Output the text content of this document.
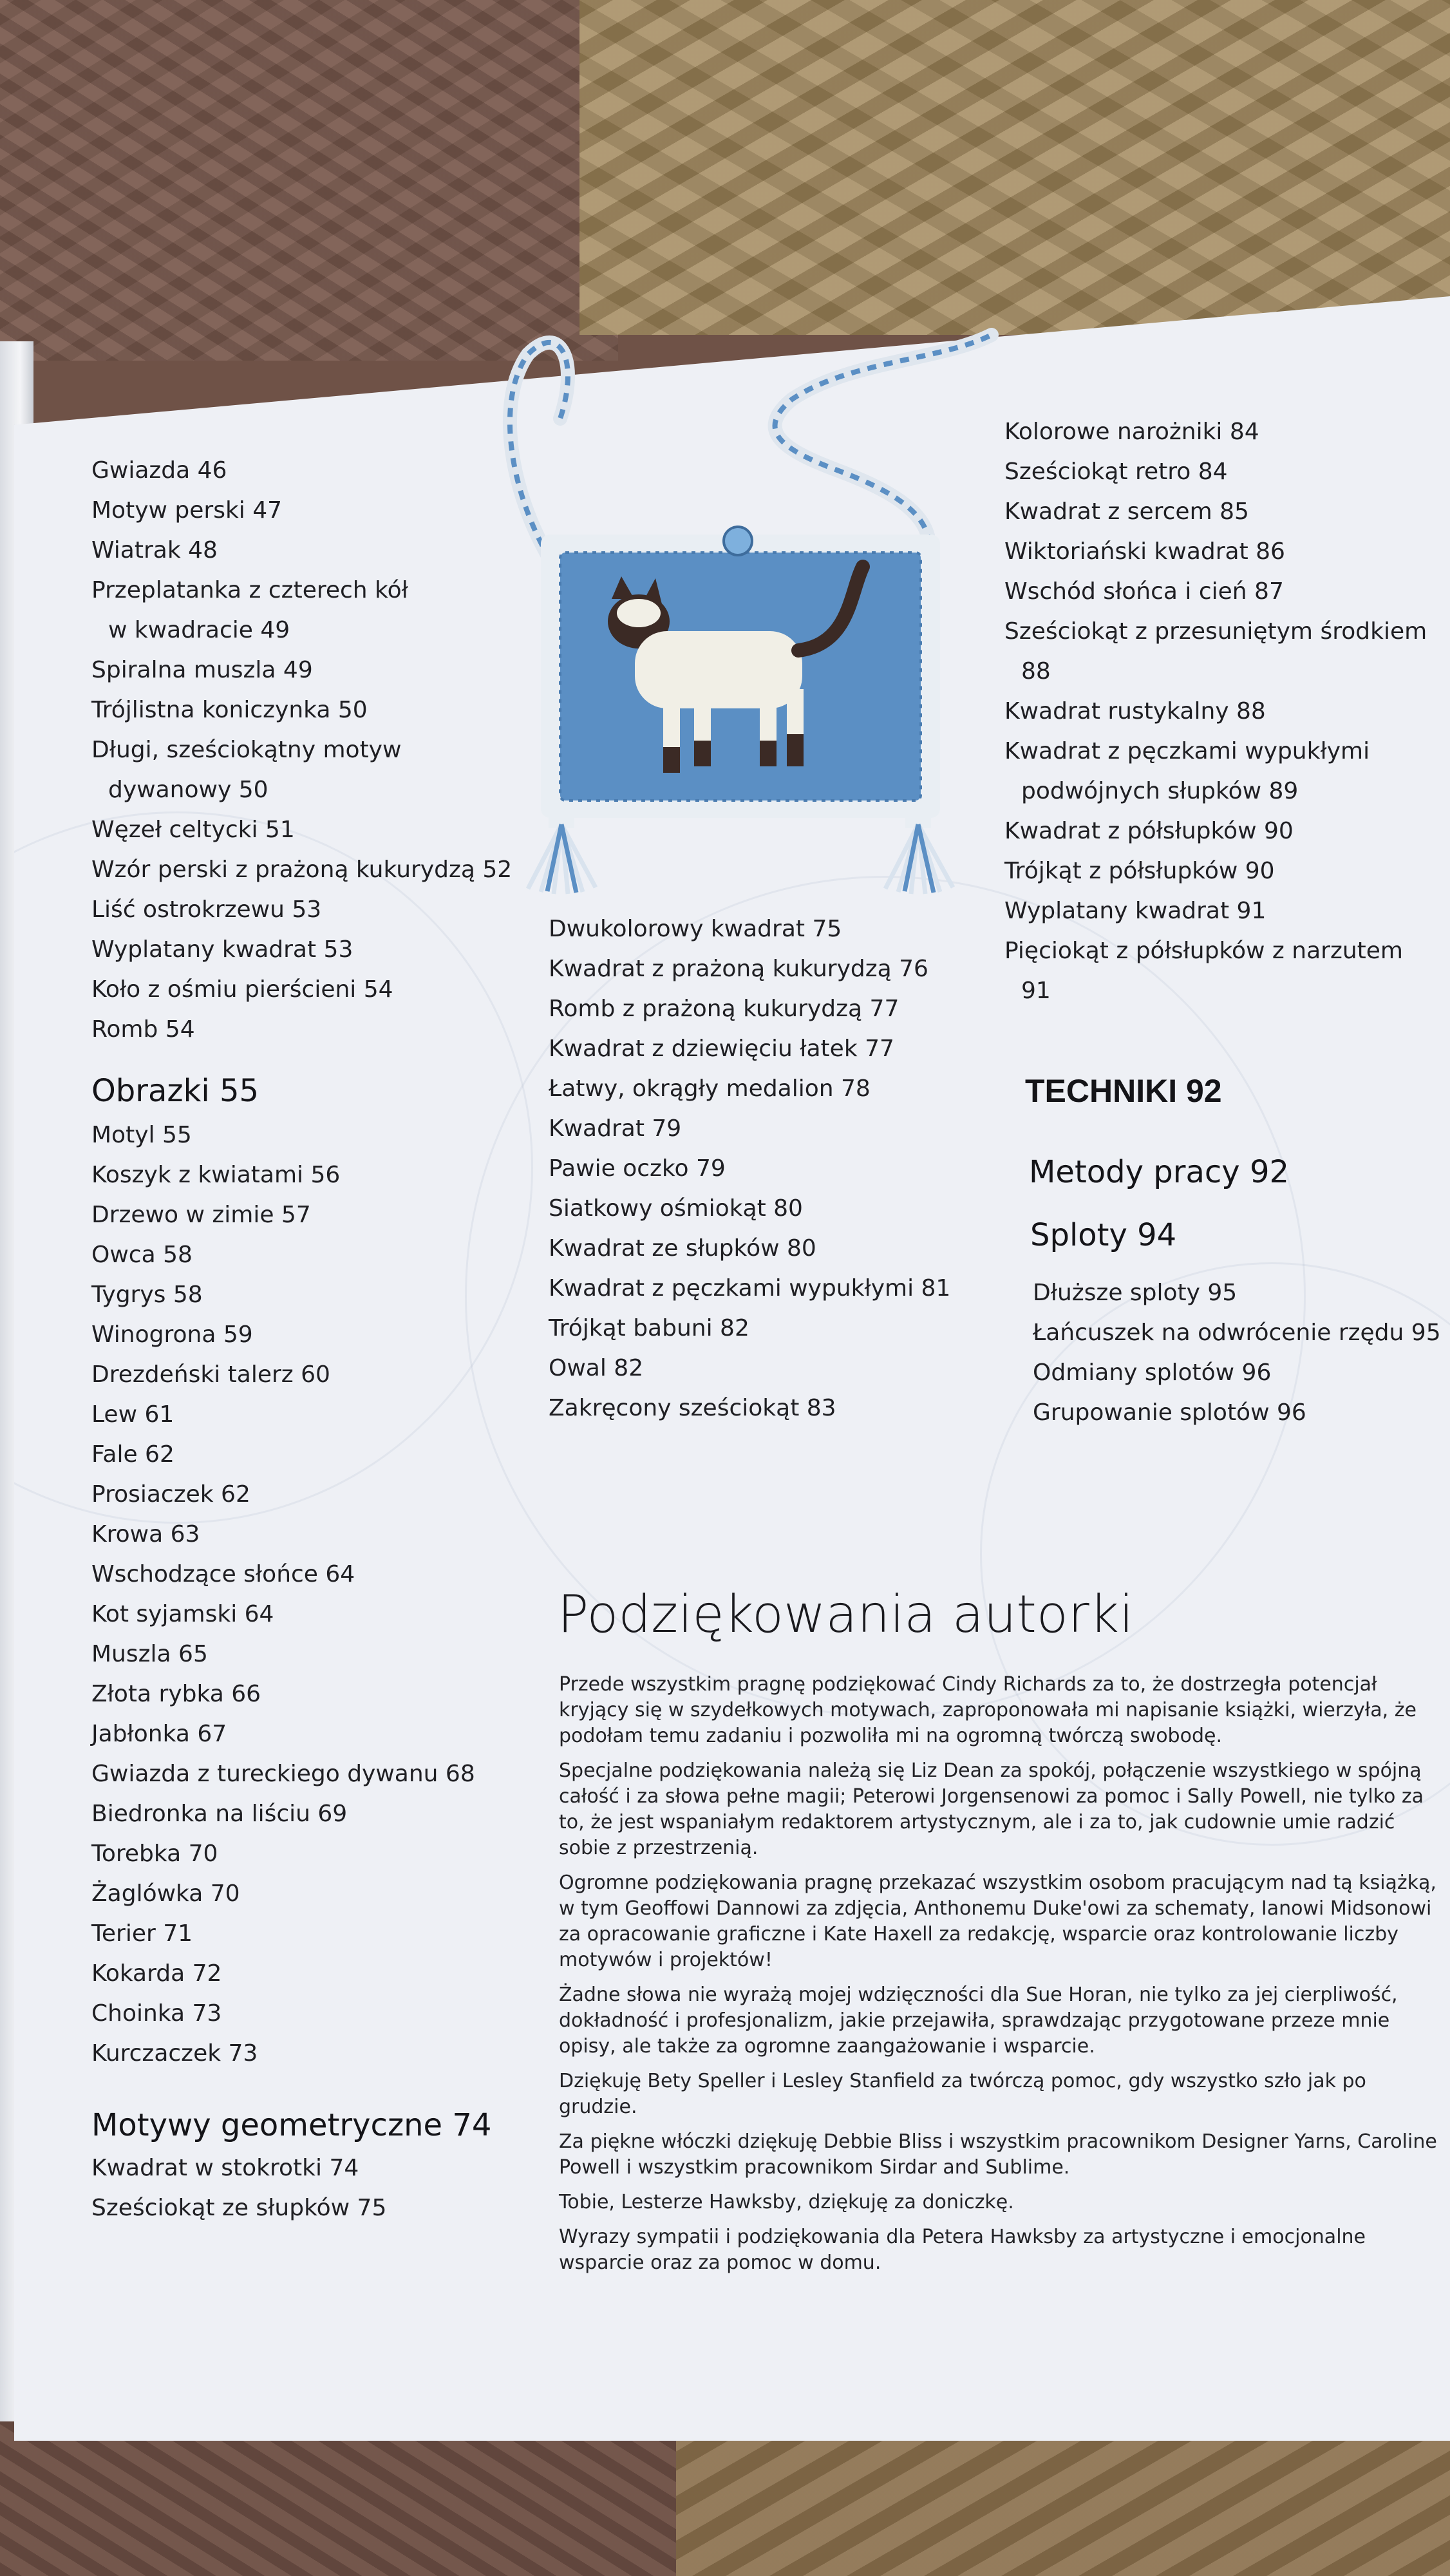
Gwiazda 46
Motyw perski 47
Wiatrak 48
Przeplatanka z czterech kół
w kwadracie 49
Spiralna muszla 49
Trójlistna koniczynka 50
Długi, sześciokątny motyw
dywanowy 50
Węzeł celtycki 51
Wzór perski z prażoną kukurydzą 52
Liść ostrokrzewu 53
Wyplatany kwadrat 53
Koło z ośmiu pierścieni 54
Romb 54
Obrazki 55
Motyl 55
Koszyk z kwiatami 56
Drzewo w zimie 57
Owca 58
Tygrys 58
Winogrona 59
Drezdeński talerz 60
Lew 61
Fale 62
Prosiaczek 62
Krowa 63
Wschodzące słońce 64
Kot syjamski 64
Muszla 65
Złota rybka 66
Jabłonka 67
Gwiazda z tureckiego dywanu 68
Biedronka na liściu 69
Torebka 70
Żaglówka 70
Terier 71
Kokarda 72
Choinka 73
Kurczaczek 73
Motywy geometryczne 74
Kwadrat w stokrotki 74
Sześciokąt ze słupków 75
Dwukolorowy kwadrat 75
Kwadrat z prażoną kukurydzą 76
Romb z prażoną kukurydzą 77
Kwadrat z dziewięciu łatek 77
Łatwy, okrągły medalion 78
Kwadrat 79
Pawie oczko 79
Siatkowy ośmiokąt 80
Kwadrat ze słupków 80
Kwadrat z pęczkami wypukłymi 81
Trójkąt babuni 82
Owal 82
Zakręcony sześciokąt 83
Kolorowe narożniki 84
Sześciokąt retro 84
Kwadrat z sercem 85
Wiktoriański kwadrat 86
Wschód słońca i cień 87
Sześciokąt z przesuniętym środkiem
88
Kwadrat rustykalny 88
Kwadrat z pęczkami wypukłymi
podwójnych słupków 89
Kwadrat z półsłupków 90
Trójkąt z półsłupków 90
Wyplatany kwadrat 91
Pięciokąt z półsłupków z narzutem
91
TECHNIKI 92
Metody pracy 92
Sploty 94
Dłuższe sploty 95
Łańcuszek na odwrócenie rzędu 95
Odmiany splotów 96
Grupowanie splotów 96
Podziękowania autorki

Przede wszystkim pragnę podziękować Cindy Richards za to, że dostrzegła potencjał kryjący się w szydełkowych motywach, zaproponowała mi napisanie książki, wierzyła, że podołam temu zadaniu i pozwoliła mi na ogromną twórczą swobodę.

Specjalne podziękowania należą się Liz Dean za spokój, połączenie wszystkiego w spójną całość i za słowa pełne magii; Peterowi Jorgensenowi za pomoc i Sally Powell, nie tylko za to, że jest wspaniałym redaktorem artystycznym, ale i za to, jak cudownie umie radzić sobie z przestrzenią.

Ogromne podziękowania pragnę przekazać wszystkim osobom pracującym nad tą książką, w tym Geoffowi Dannowi za zdjęcia, Anthonemu Duke'owi za schematy, Ianowi Midsonowi za opracowanie graficzne i Kate Haxell za redakcję, wsparcie oraz kontrolowanie liczby motywów i projektów!

Żadne słowa nie wyrażą mojej wdzięczności dla Sue Horan, nie tylko za jej cierpliwość, dokładność i profesjonalizm, jakie przejawiła, sprawdzając przygotowane przeze mnie opisy, ale także za ogromne zaangażowanie i wsparcie.

Dziękuję Bety Speller i Lesley Stanfield za twórczą pomoc, gdy wszystko szło jak po grudzie.

Za piękne włóczki dziękuję Debbie Bliss i wszystkim pracownikom Designer Yarns, Caroline Powell i wszystkim pracownikom Sirdar and Sublime.

Tobie, Lesterze Hawksby, dziękuję za doniczkę.

Wyrazy sympatii i podziękowania dla Petera Hawksby za artystyczne i emocjonalne wsparcie oraz za pomoc w domu.
